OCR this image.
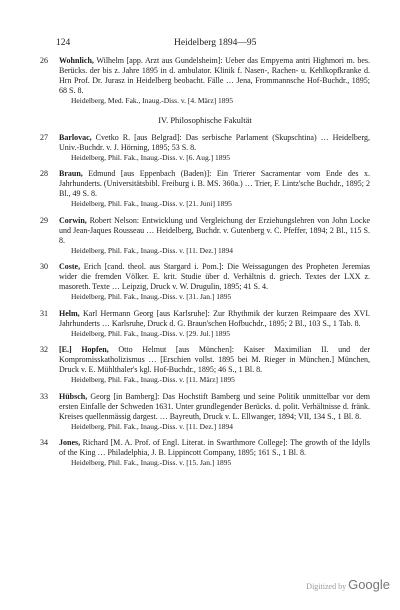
124	Heidelberg 1894—95
26 Wohnlich, Wilhelm [app. Arzt aus Gundelsheim]: Ueber das Empyema antri Highmori m. bes. Berücks. der bis z. Jahre 1895 in d. ambulator. Klinik f. Nasen-, Rachen- u. Kehlkopfkranke d. Hrn Prof. Dr. Jurasz in Heidelberg beobacht. Fälle … Jena, Frommannsche Hof-Buchdr., 1895; 68 S. 8.

Heidelberg, Med. Fak., Inaug.-Diss. v. [4. März] 1895

IV. Philosophische Fakultät
27 Barlovac, Cvetko R. [aus Belgrad]: Das serbische Parlament (Skupschtina) … Heidelberg, Univ.-Buchdr. v. J. Hörning, 1895; 53 S. 8.

Heidelberg, Phil. Fak., Inaug.-Diss. v. [6. Aug.] 1895

28 Braun, Edmund [aus Eppenbach (Baden)]: Ein Trierer Sacramentar vom Ende des x. Jahrhunderts. (Universitätsbibl. Freiburg i. B. MS. 360a.) … Trier, F. Lintz'sche Buchdr., 1895; 2 Bl., 49 S. 8.

Heidelberg, Phil. Fak., Inaug.-Diss. v. [21. Juni] 1895

29 Corwin, Robert Nelson: Entwicklung und Vergleichung der Erziehungslehren von John Locke und Jean-Jaques Rousseau … Heidelberg, Buchdr. v. Gutenberg v. C. Pfeffer, 1894; 2 Bl., 115 S. 8.

Heidelberg, Phil. Fak., Inaug.-Diss. v. [11. Dez.] 1894

30 Coste, Erich [cand. theol. aus Stargard i. Pom.]: Die Weissagungen des Propheten Jeremias wider die fremden Völker. E. krit. Studie über d. Verhältnis d. griech. Textes der LXX z. masoreth. Texte … Leipzig, Druck v. W. Drugulin, 1895; 41 S. 4.

Heidelberg, Phil. Fak., Inaug.-Diss. v. [31. Jan.] 1895

31 Helm, Karl Hermann Georg [aus Karlsruhe]: Zur Rhythmik der kurzen Reimpaare des XVI. Jahrhunderts … Karlsruhe, Druck d. G. Braun'schen Hofbuchdr., 1895; 2 Bl., 103 S., 1 Tab. 8.

Heidelberg, Phil. Fak., Inaug.-Diss. v. [29. Jul.] 1895

32 [E.] Hopfen, Otto Helmut [aus München]: Kaiser Maximilian II. und der Kompromisskatholizismus … [Erschien vollst. 1895 bei M. Rieger in München.] München, Druck v. E. Mühlthaler's kgl. Hof-Buchdr., 1895; 46 S., 1 Bl. 8.

Heidelberg, Phil. Fak., Inaug.-Diss. v. [11. März] 1895

33 Hübsch, Georg [in Bamberg]: Das Hochstift Bamberg und seine Politik unmittelbar vor dem ersten Einfalle der Schweden 1631. Unter grundlegender Berücks. d. polit. Verhältnisse d. fränk. Kreises quellenmässig dargest. … Bayreuth, Druck v. L. Ellwanger, 1894; VII, 134 S., 1 Bl. 8.

Heidelberg, Phil. Fak., Inaug.-Diss. v. [11. Dez.] 1894

34 Jones, Richard [M. A. Prof. of Engl. Literat. in Swarthmore College]: The growth of the Idylls of the King … Philadelphia, J. B. Lippincott Company, 1895; 161 S., 1 Bl. 8.

Heidelberg, Phil. Fak., Inaug.-Diss. v. [15. Jan.] 1895

Digitized by Google
